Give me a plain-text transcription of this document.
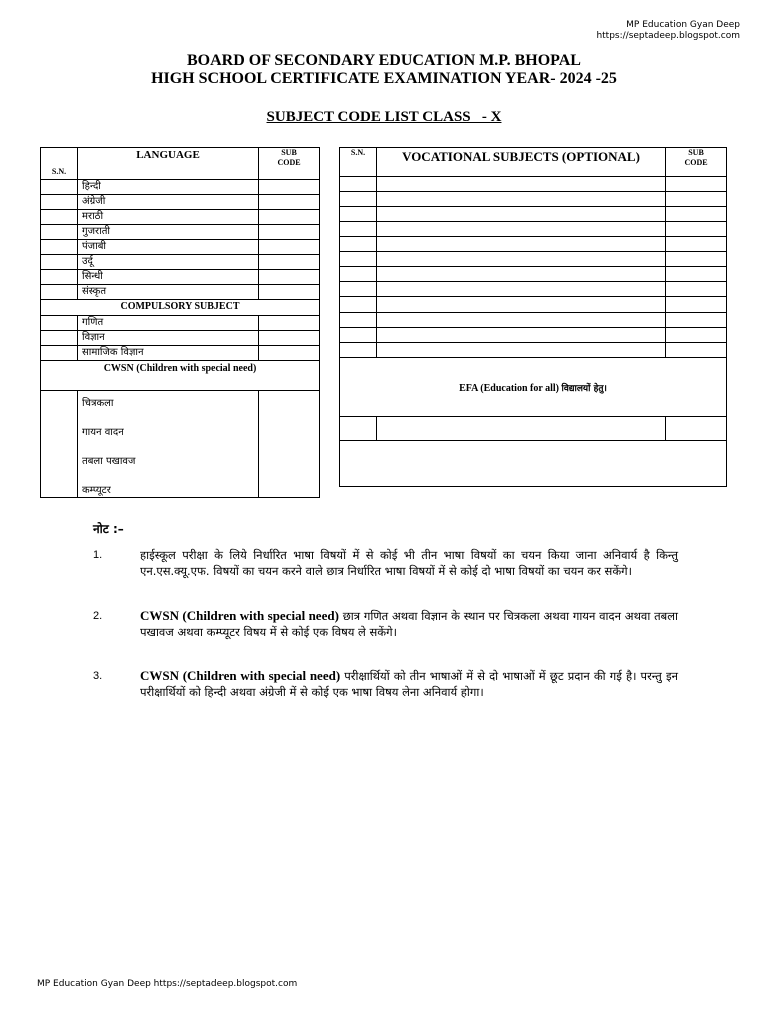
MP Education Gyan Deep
https://septadeep.blogspot.com
BOARD OF SECONDARY EDUCATION M.P. BHOPAL
HIGH SCHOOL CERTIFICATE EXAMINATION YEAR- 2024 -25
SUBJECT CODE LIST CLASS   - X
S.N.	LANGUAGE	SUB
CODE
	हिन्दी	
	अंग्रेजी	
	मराठी	
	गुजराती	
	पंजाबी	
	उर्दू	
	सिन्धी	
	संस्कृत	
COMPULSORY SUBJECT		
	गणित	
	विज्ञान	
	सामाजिक विज्ञान	
CWSN (Children with special need)		

	चित्रकला
गायन वादन
तबला पखावज
कम्प्यूटर	

S.N.	VOCATIONAL SUBJECTS (OPTIONAL)	SUB
CODE

EFA (Education for all) विद्यालयों हेतु।		

नोट :–
1.	हाईस्कूल परीक्षा के लिये निर्धारित भाषा विषयों में से कोई भी तीन भाषा विषयों का चयन किया जाना अनिवार्य है किन्तु एन.एस.क्यू.एफ. विषयों का चयन करने वाले छात्र निर्धारित भाषा विषयों में से कोई दो भाषा विषयों का चयन कर सकेंगे।
2.	CWSN (Children with special need) छात्र गणित अथवा विज्ञान के स्थान पर चित्रकला अथवा गायन वादन अथवा तबला पखावज अथवा कम्प्यूटर विषय में से कोई एक विषय ले सकेंगे।
3.	CWSN (Children with special need) परीक्षार्थियों को तीन भाषाओं में से दो भाषाओं में छूट प्रदान की गई है। परन्तु इन परीक्षार्थियों को हिन्दी अथवा अंग्रेजी में से कोई एक भाषा विषय लेना अनिवार्य होगा।
MP Education Gyan Deep https://septadeep.blogspot.com
